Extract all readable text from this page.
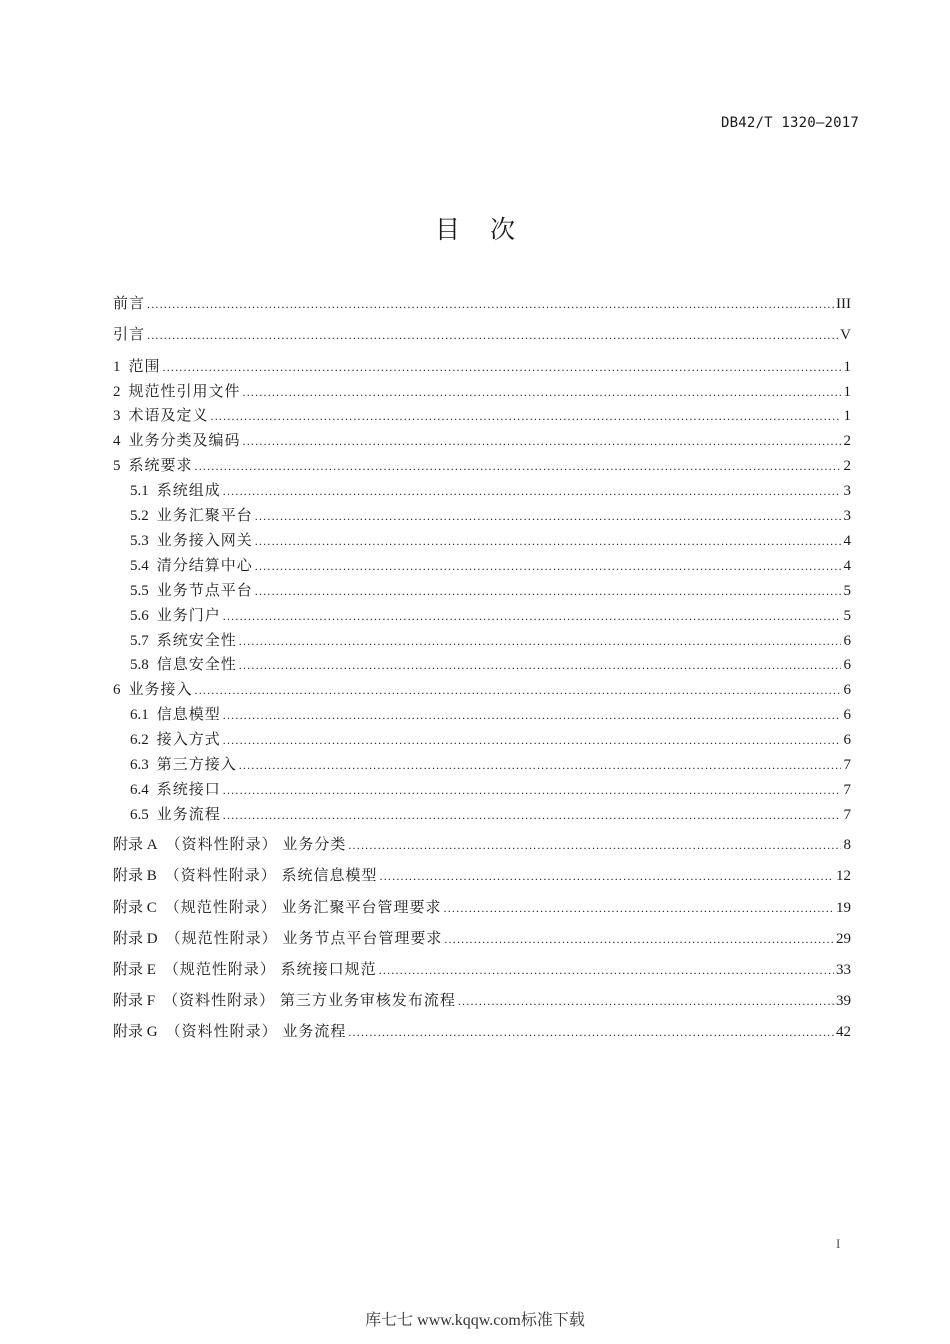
DB42/T 1320—2017
目 次
前言 .....	III
引言 .....	V
1 范围 .....	1
2 规范性引用文件 .....	1
3 术语及定义 .....	1
4 业务分类及编码 .....	2
5 系统要求 .....	2
5.1 系统组成 .....	3
5.2 业务汇聚平台 .....	3
5.3 业务接入网关 .....	4
5.4 清分结算中心 .....	4
5.5 业务节点平台 .....	5
5.6 业务门户 .....	5
5.7 系统安全性 .....	6
5.8 信息安全性 .....	6
6 业务接入 .....	6
6.1 信息模型 .....	6
6.2 接入方式 .....	6
6.3 第三方接入 .....	7
6.4 系统接口 .....	7
6.5 业务流程 .....	7
附录 A （资料性附录） 业务分类 .....	8
附录 B （资料性附录） 系统信息模型 .....	12
附录 C （规范性附录） 业务汇聚平台管理要求 .....	19
附录 D （规范性附录） 业务节点平台管理要求 .....	29
附录 E （规范性附录） 系统接口规范 .....	33
附录 F （资料性附录） 第三方业务审核发布流程 .....	39
附录 G （资料性附录） 业务流程 .....	42
I
库七七 www.kqqw.com标准下载
